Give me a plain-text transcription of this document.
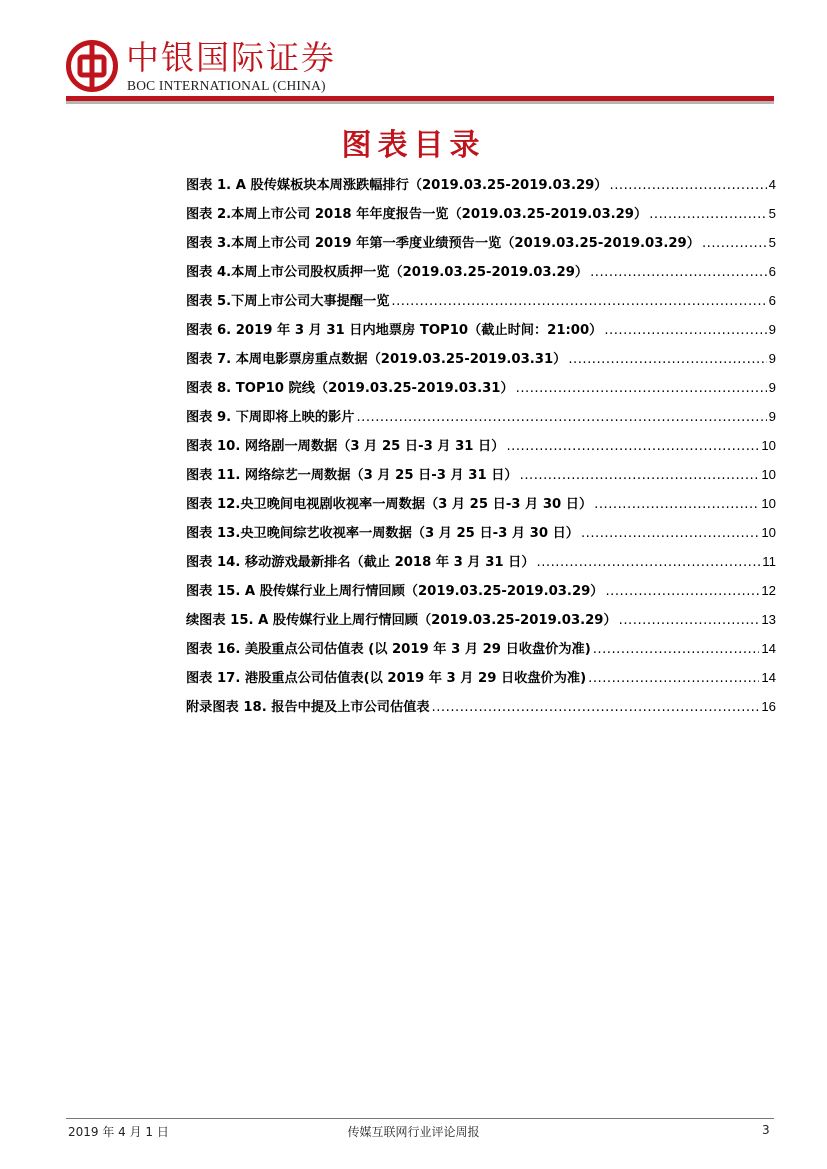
中银国际证券
BOC INTERNATIONAL (CHINA)
图表目录
图表 1. A 股传媒板块本周涨跌幅排行（2019.03.25-2019.03.29） .....	4
图表 2.本周上市公司 2018 年年度报告一览（2019.03.25-2019.03.29） .....	5
图表 3.本周上市公司 2019 年第一季度业绩预告一览（2019.03.25-2019.03.29） .....	5
图表 4.本周上市公司股权质押一览（2019.03.25-2019.03.29） .....	6
图表 5.下周上市公司大事提醒一览 .....	6
图表 6. 2019 年 3 月 31 日内地票房 TOP10（截止时间：21:00） .....	9
图表 7. 本周电影票房重点数据（2019.03.25-2019.03.31） .....	9
图表 8. TOP10 院线（2019.03.25-2019.03.31） .....	9
图表 9. 下周即将上映的影片 .....	9
图表 10. 网络剧一周数据（3 月 25 日-3 月 31 日） .....	10
图表 11. 网络综艺一周数据（3 月 25 日-3 月 31 日） .....	10
图表 12.央卫晚间电视剧收视率一周数据（3 月 25 日-3 月 30 日） .....	10
图表 13.央卫晚间综艺收视率一周数据（3 月 25 日-3 月 30 日） .....	10
图表 14. 移动游戏最新排名（截止 2018 年 3 月 31 日） .....	11
图表 15. A 股传媒行业上周行情回顾（2019.03.25-2019.03.29） .....	12
续图表 15. A 股传媒行业上周行情回顾（2019.03.25-2019.03.29） .....	13
图表 16. 美股重点公司估值表 (以 2019 年 3 月 29 日收盘价为准) .....	14
图表 17. 港股重点公司估值表(以 2019 年 3 月 29 日收盘价为准) .....	14
附录图表 18. 报告中提及上市公司估值表 .....	16
2019 年 4 月 1 日	传媒互联网行业评论周报	3
